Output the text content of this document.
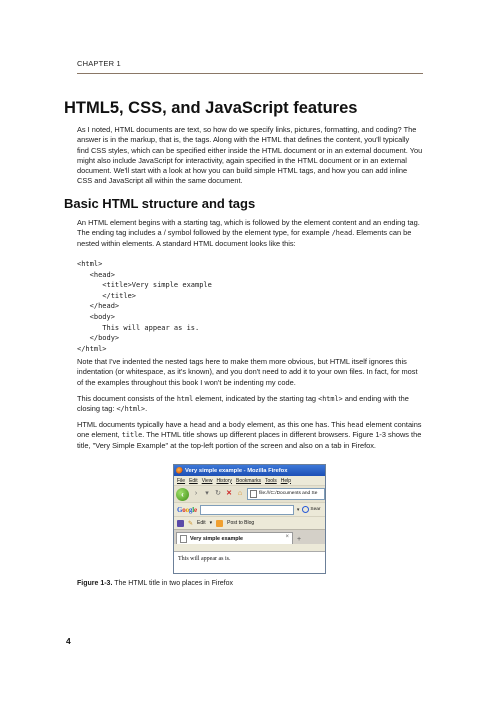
CHAPTER 1
HTML5, CSS, and JavaScript features

As I noted, HTML documents are text, so how do we specify links, pictures, formatting, and coding? The answer is in the markup, that is, the tags. Along with the HTML that defines the content, you'll typically find CSS styles, which can be specified either inside the HTML document or in an external document. You might also include JavaScript for interactivity, again specified in the HTML document or in an external document. We'll start with a look at how you can build simple HTML tags, and how you can add inline CSS and JavaScript all within the same document.

Basic HTML structure and tags

An HTML element begins with a starting tag, which is followed by the element content and an ending tag. The ending tag includes a / symbol followed by the element type, for example /head. Elements can be nested within elements. A standard HTML document looks like this:

<html>
<head>
<title>Very simple example
</title>
</head>
<body>
This will appear as is.
</body>
</html>

Note that I've indented the nested tags here to make them more obvious, but HTML itself ignores this indentation (or whitespace, as it's known), and you don't need to add it to your own files. In fact, for most of the examples throughout this book I won't be indenting my code.

This document consists of the html element, indicated by the starting tag <html> and ending with the closing tag: </html>.

HTML documents typically have a head and a body element, as this one has. This head element contains one element, title. The HTML title shows up different places in different browsers. Figure 1-3 shows the title, "Very Simple Example" at the top-left portion of the screen and also on a tab in Firefox.

Very simple example - Mozilla Firefox
File Edit View History Bookmarks Tools Help
‹	›	▾ ↻ ✕ ⌂	file:///C:/Documents and Se
Google	▾ Sear
✎ Edit ▾	Post to Blog
Very simple example	× +
This will appear as is.
Figure 1-3. The HTML title in two places in Firefox
4
